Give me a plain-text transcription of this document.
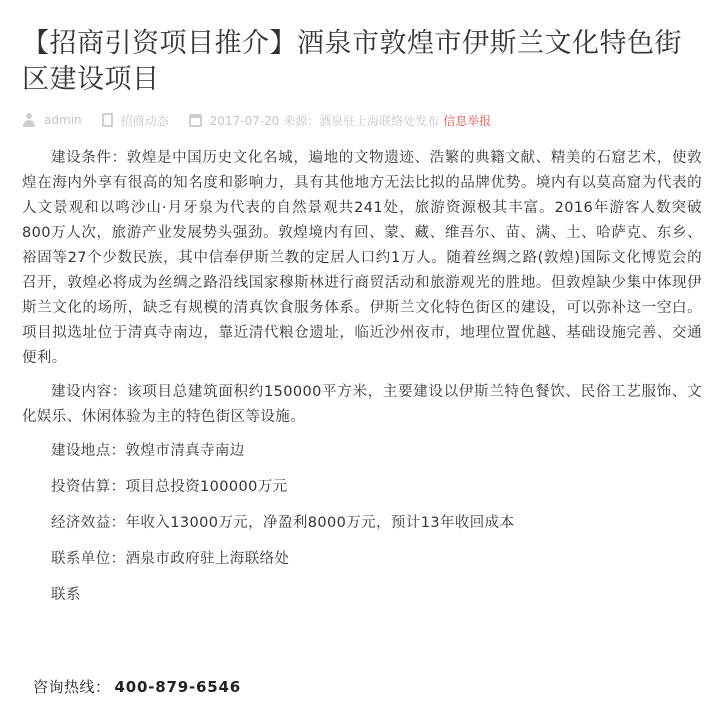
【招商引资项目推介】酒泉市敦煌市伊斯兰文化特色街区建设项目
admin	招商动态	2017-07-20 来源：酒泉驻上海联络处发布 信息举报

建设条件：敦煌是中国历史文化名城，遍地的文物遗迹、浩繁的典籍文献、精美的石窟艺术，使敦煌在海内外享有很高的知名度和影响力，具有其他地方无法比拟的品牌优势。境内有以莫高窟为代表的人文景观和以鸣沙山·月牙泉为代表的自然景观共241处，旅游资源极其丰富。2016年游客人数突破800万人次，旅游产业发展势头强劲。敦煌境内有回、蒙、藏、维吾尔、苗、满、土、哈萨克、东乡、裕固等27个少数民族，其中信奉伊斯兰教的定居人口约1万人。随着丝绸之路(敦煌)国际文化博览会的召开，敦煌必将成为丝绸之路沿线国家穆斯林进行商贸活动和旅游观光的胜地。但敦煌缺少集中体现伊斯兰文化的场所，缺乏有规模的清真饮食服务体系。伊斯兰文化特色街区的建设，可以弥补这一空白。项目拟选址位于清真寺南边，靠近清代粮仓遗址，临近沙州夜市，地理位置优越、基础设施完善、交通便利。

建设内容：该项目总建筑面积约150000平方米，主要建设以伊斯兰特色餐饮、民俗工艺服饰、文化娱乐、休闲体验为主的特色街区等设施。

建设地点：敦煌市清真寺南边

投资估算：项目总投资100000万元

经济效益：年收入13000万元，净盈利8000万元，预计13年收回成本

联系单位：酒泉市政府驻上海联络处

联系

咨询热线： 400-879-6546
